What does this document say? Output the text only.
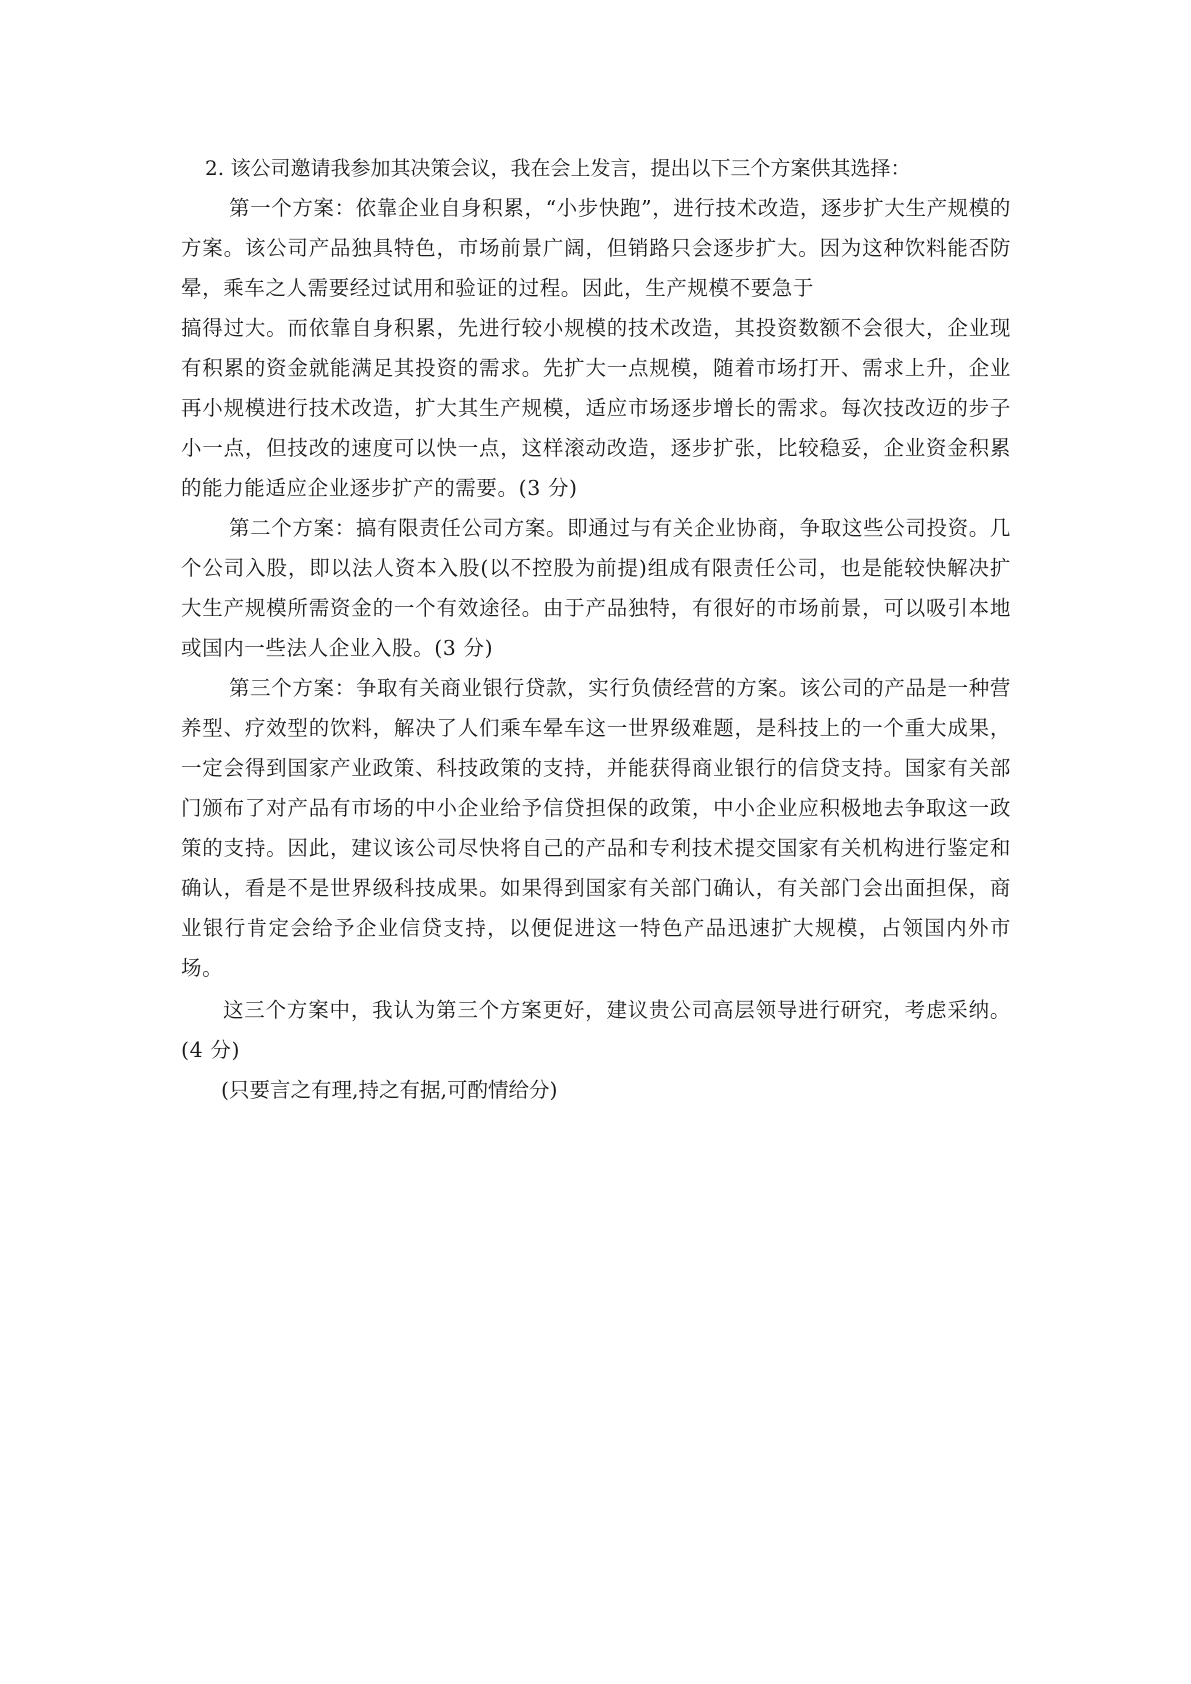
2. 该公司邀请我参加其决策会议，我在会上发言，提出以下三个方案供其选择：

第一个方案：依靠企业自身积累，“小步快跑”，进行技术改造，逐步扩大生产规模的方案。该公司产品独具特色，市场前景广阔，但销路只会逐步扩大。因为这种饮料能否防晕，乘车之人需要经过试用和验证的过程。因此，生产规模不要急于

搞得过大。而依靠自身积累，先进行较小规模的技术改造，其投资数额不会很大，企业现有积累的资金就能满足其投资的需求。先扩大一点规模，随着市场打开、需求上升，企业再小规模进行技术改造，扩大其生产规模，适应市场逐步增长的需求。每次技改迈的步子小一点，但技改的速度可以快一点，这样滚动改造，逐步扩张，比较稳妥，企业资金积累的能力能适应企业逐步扩产的需要。(3 分)

第二个方案：搞有限责任公司方案。即通过与有关企业协商，争取这些公司投资。几个公司入股，即以法人资本入股(以不控股为前提)组成有限责任公司，也是能较快解决扩大生产规模所需资金的一个有效途径。由于产品独特，有很好的市场前景，可以吸引本地或国内一些法人企业入股。(3 分)

第三个方案：争取有关商业银行贷款，实行负债经营的方案。该公司的产品是一种营养型、疗效型的饮料，解决了人们乘车晕车这一世界级难题，是科技上的一个重大成果，一定会得到国家产业政策、科技政策的支持，并能获得商业银行的信贷支持。国家有关部门颁布了对产品有市场的中小企业给予信贷担保的政策，中小企业应积极地去争取这一政策的支持。因此，建议该公司尽快将自己的产品和专利技术提交国家有关机构进行鉴定和确认，看是不是世界级科技成果。如果得到国家有关部门确认，有关部门会出面担保，商业银行肯定会给予企业信贷支持，以便促进这一特色产品迅速扩大规模，占领国内外市场。

这三个方案中，我认为第三个方案更好，建议贵公司高层领导进行研究，考虑采纳。(4 分)

(只要言之有理,持之有据,可酌情给分)
